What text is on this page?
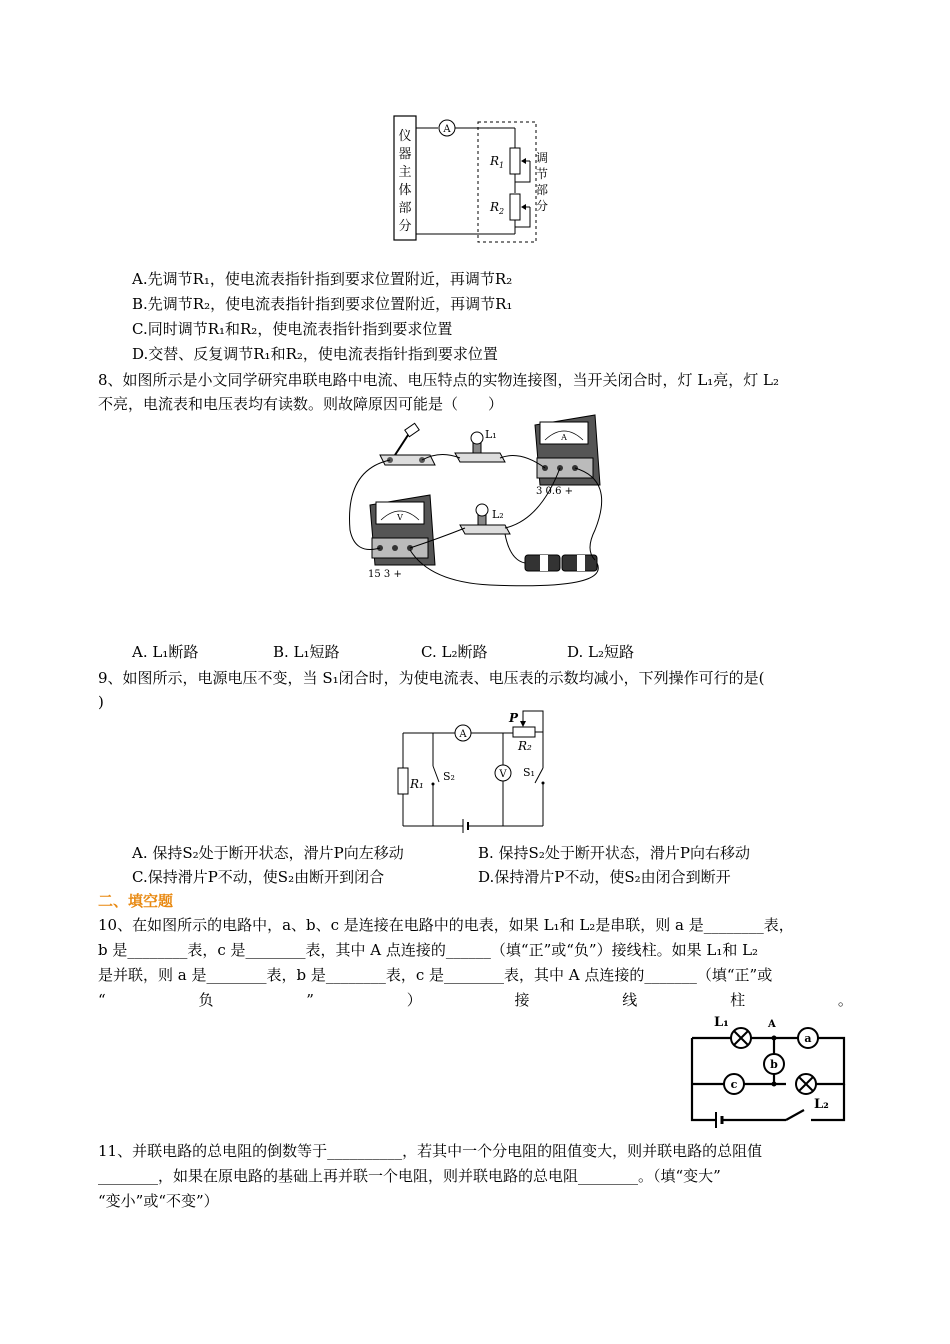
仪
器
主
体
部
分
A
$R_1$
$R_2$
调
节
部
分
A.先调节R₁，使电流表指针指到要求位置附近，再调节R₂
B.先调节R₂，使电流表指针指到要求位置附近，再调节R₁
C.同时调节R₁和R₂，使电流表指针指到要求位置
D.交替、反复调节R₁和R₂，使电流表指针指到要求位置
8、如图所示是小文同学研究串联电路中电流、电压特点的实物连接图，当开关闭合时，灯 L₁亮，灯 L₂
不亮，电流表和电压表均有读数。则故障原因可能是（　　）
L₁	A
3 0.6 +
V
15 3 +
L₂
A. L₁断路	B. L₁短路	C. L₂断路	D. L₂短路
9、如图所示，电源电压不变，当 S₁闭合时，为使电流表、电压表的示数均减小，下列操作可行的是(
)
A
P
R₂
S₁
R₁
S₂	V
A. 保持S₂处于断开状态，滑片P向左移动	B. 保持S₂处于断开状态，滑片P向右移动
C.保持滑片P不动，使S₂由断开到闭合	D.保持滑片P不动，使S₂由闭合到断开
二、填空题
10、在如图所示的电路中，a、b、c 是连接在电路中的电表，如果 L₁和 L₂是串联，则 a 是________表，
b 是________表，c 是________表，其中 A 点连接的______（填“正”或“负”）接线柱。如果 L₁和 L₂
是并联，则 a 是________表，b 是________表，c 是________表，其中 A 点连接的_______（填“正”或
“	负	”	）	接	线	柱	。
a
b
c
L₁	A
L₂
11、并联电路的总电阻的倒数等于__________，若其中一个分电阻的阻值变大，则并联电路的总阻值
________，如果在原电路的基础上再并联一个电阻，则并联电路的总电阻________。（填“变大”
“变小”或“不变”）
